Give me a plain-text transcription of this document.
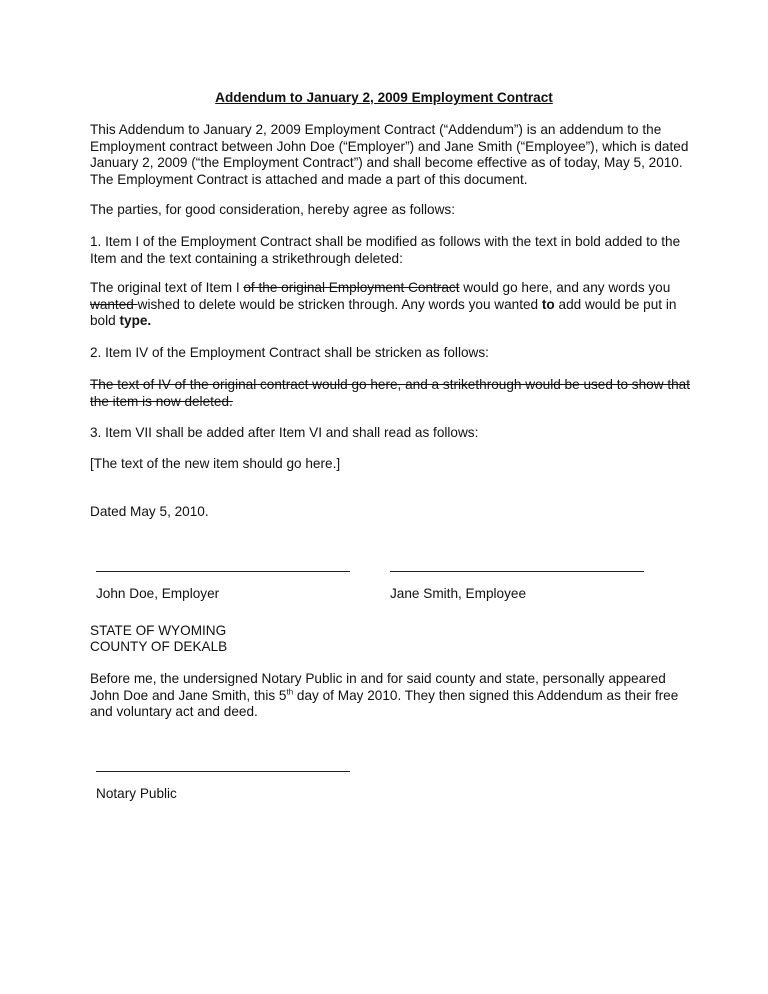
Addendum to January 2, 2009 Employment Contract

This Addendum to January 2, 2009 Employment Contract (“Addendum”) is an addendum to the Employment contract between John Doe (“Employer”) and Jane Smith (“Employee”), which is dated January 2, 2009 (“the Employment Contract”) and shall become effective as of today, May 5, 2010. The Employment Contract is attached and made a part of this document.

The parties, for good consideration, hereby agree as follows:

1. Item I of the Employment Contract shall be modified as follows with the text in bold added to the Item and the text containing a strikethrough deleted:

The original text of Item I of the original Employment Contract would go here, and any words you wanted wished to delete would be stricken through. Any words you wanted to add would be put in bold type.

2. Item IV of the Employment Contract shall be stricken as follows:

The text of IV of the original contract would go here, and a strikethrough would be used to show that the item is now deleted.

3. Item VII shall be added after Item VI and shall read as follows:

[The text of the new item should go here.]

Dated May 5, 2010.

John Doe, Employer	Jane Smith, Employee
STATE OF WYOMING
COUNTY OF DEKALB

Before me, the undersigned Notary Public in and for said county and state, personally appeared John Doe and Jane Smith, this 5th day of May 2010. They then signed this Addendum as their free and voluntary act and deed.

Notary Public
